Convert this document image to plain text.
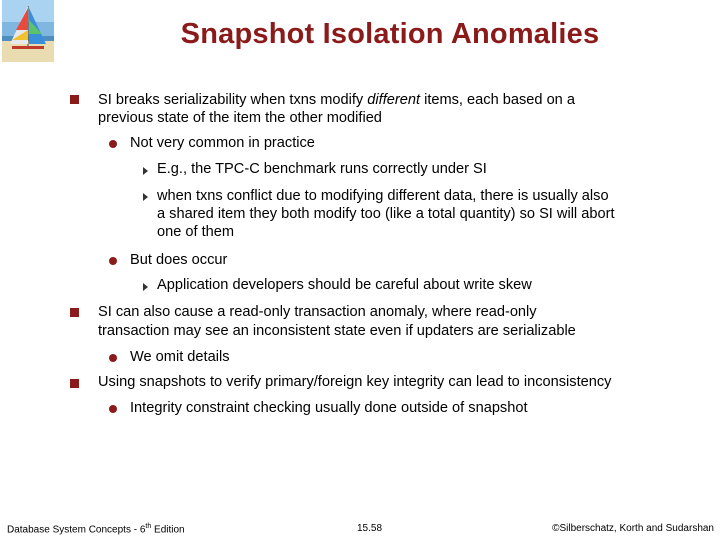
Snapshot Isolation Anomalies
SI breaks serializability when txns modify different items, each based on a
previous state of the item the other modified
Not very common in practice
E.g., the TPC-C benchmark runs correctly under SI
when txns conflict due to modifying different data, there is usually also
a shared item they both modify too (like a total quantity) so SI will abort
one of them
But does occur
Application developers should be careful about write skew
SI can also cause a read-only transaction anomaly, where read-only
transaction may see an inconsistent state even if updaters are serializable
We omit details
Using snapshots to verify primary/foreign key integrity can lead to inconsistency
Integrity constraint checking usually done outside of snapshot
Database System Concepts - 6th Edition	15.58	©Silberschatz, Korth and Sudarshan
